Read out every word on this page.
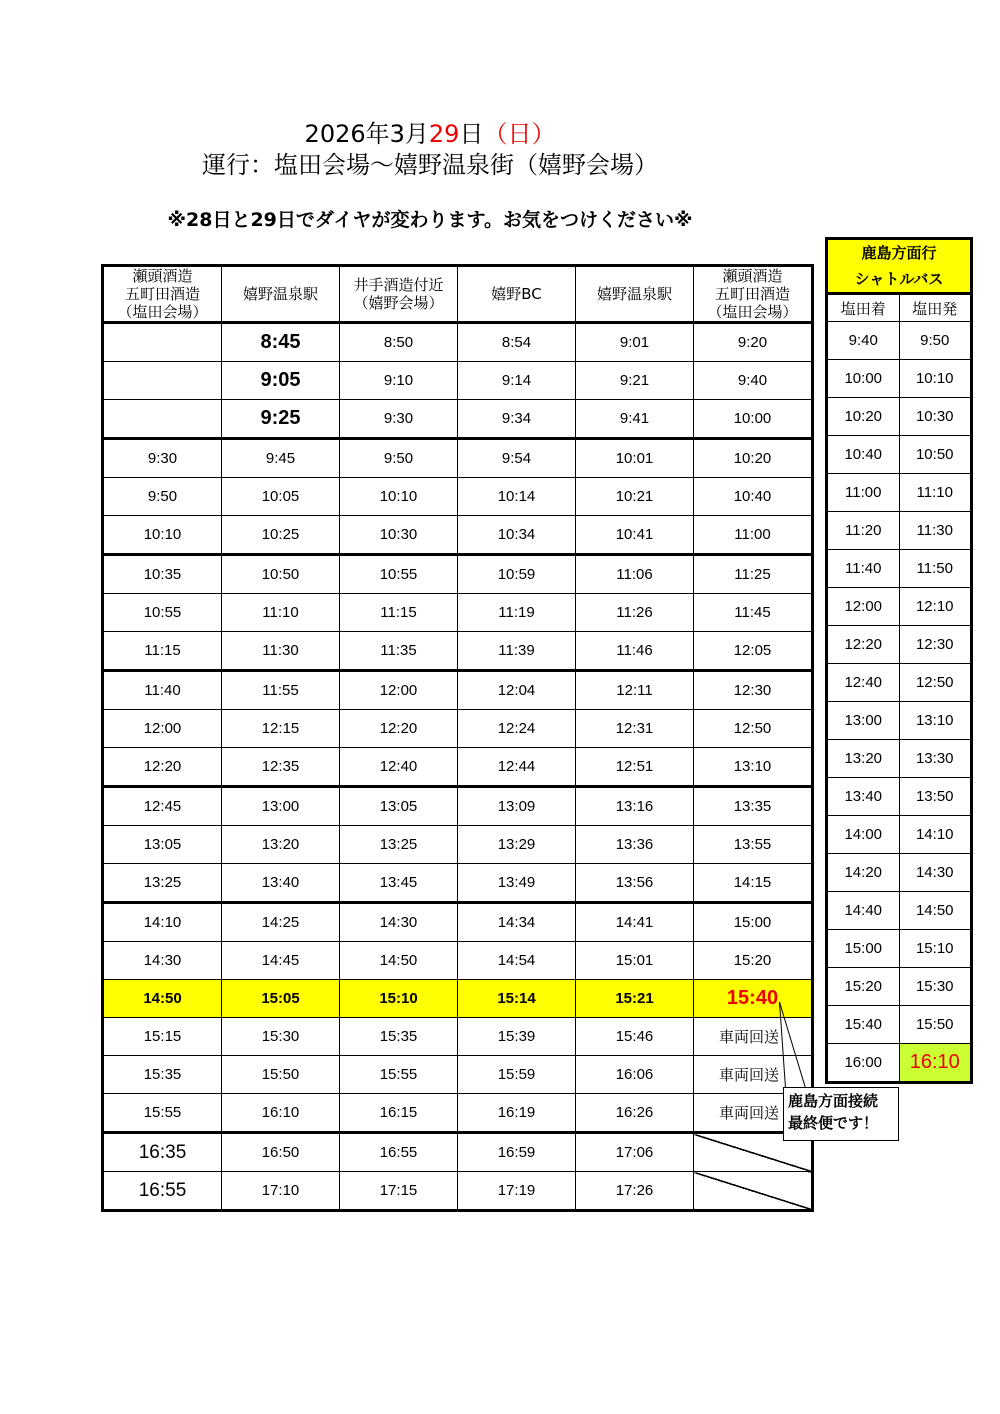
2026年3月29日（日）
運行：塩田会場～嬉野温泉街（嬉野会場）
※28日と29日でダイヤが変わります。お気をつけください※
瀬頭酒造
五町田酒造
（塩田会場）	嬉野温泉駅	井手酒造付近
（嬉野会場）	嬉野BC	嬉野温泉駅	瀬頭酒造
五町田酒造
（塩田会場）
	8:45	8:50	8:54	9:01	9:20
	9:05	9:10	9:14	9:21	9:40
	9:25	9:30	9:34	9:41	10:00
9:30	9:45	9:50	9:54	10:01	10:20
9:50	10:05	10:10	10:14	10:21	10:40
10:10	10:25	10:30	10:34	10:41	11:00
10:35	10:50	10:55	10:59	11:06	11:25
10:55	11:10	11:15	11:19	11:26	11:45
11:15	11:30	11:35	11:39	11:46	12:05
11:40	11:55	12:00	12:04	12:11	12:30
12:00	12:15	12:20	12:24	12:31	12:50
12:20	12:35	12:40	12:44	12:51	13:10
12:45	13:00	13:05	13:09	13:16	13:35
13:05	13:20	13:25	13:29	13:36	13:55
13:25	13:40	13:45	13:49	13:56	14:15
14:10	14:25	14:30	14:34	14:41	15:00
14:30	14:45	14:50	14:54	15:01	15:20
14:50	15:05	15:10	15:14	15:21	15:40
15:15	15:30	15:35	15:39	15:46	車両回送
15:35	15:50	15:55	15:59	16:06	車両回送
15:55	16:10	16:15	16:19	16:26	車両回送
16:35	16:50	16:55	16:59	17:06	
16:55	17:10	17:15	17:19	17:26	
鹿島方面行
シャトルバス	

塩田着	塩田発
9:40	9:50
10:00	10:10
10:20	10:30
10:40	10:50
11:00	11:10
11:20	11:30
11:40	11:50
12:00	12:10
12:20	12:30
12:40	12:50
13:00	13:10
13:20	13:30
13:40	13:50
14:00	14:10
14:20	14:30
14:40	14:50
15:00	15:10
15:20	15:30
15:40	15:50
16:00	16:10
鹿島方面接続
最終便です！
